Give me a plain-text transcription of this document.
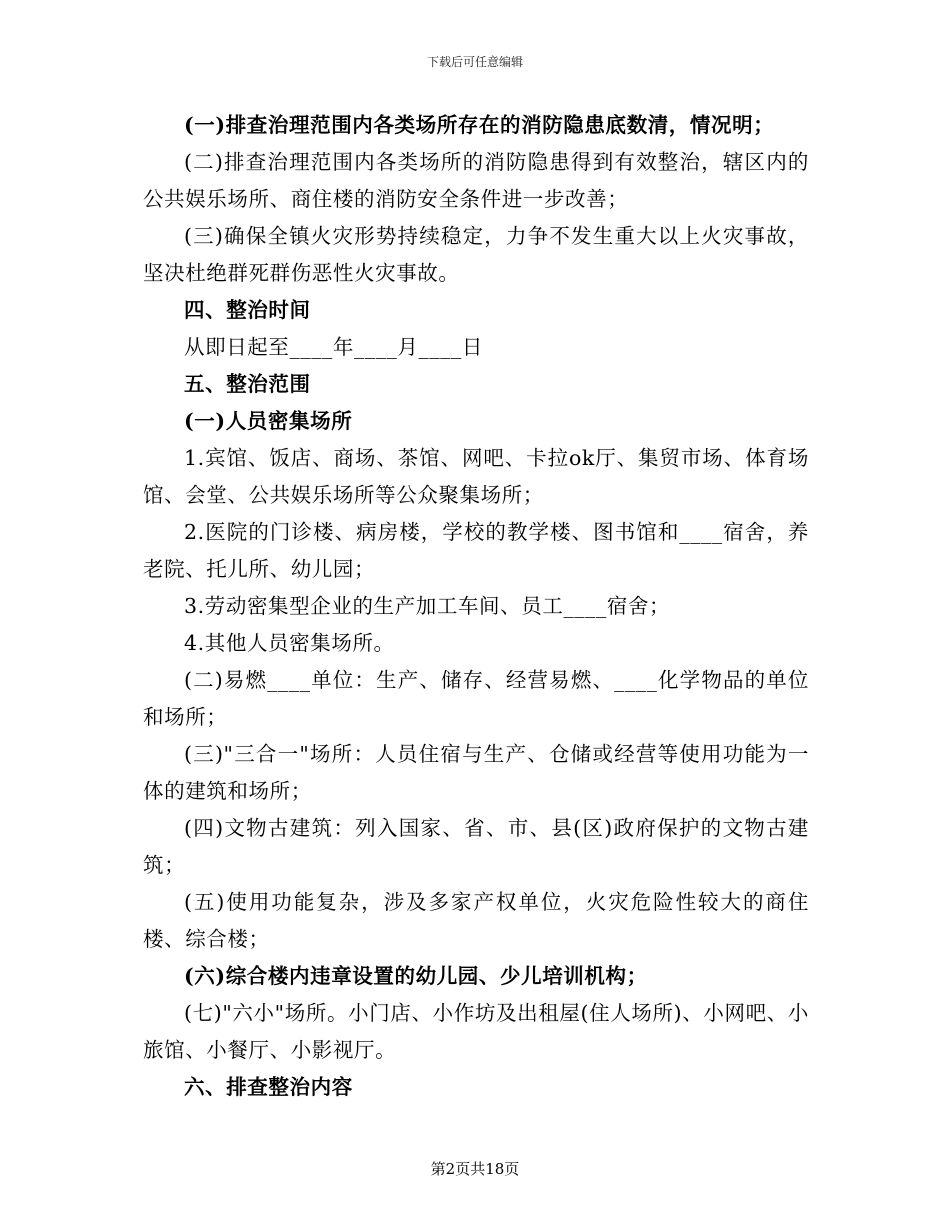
下载后可任意编辑

(一)排查治理范围内各类场所存在的消防隐患底数清，情况明；

(二)排查治理范围内各类场所的消防隐患得到有效整治，辖区内的公共娱乐场所、商住楼的消防安全条件进一步改善；

(三)确保全镇火灾形势持续稳定，力争不发生重大以上火灾事故，坚决杜绝群死群伤恶性火灾事故。

四、整治时间

从即日起至____年____月____日

五、整治范围

(一)人员密集场所

1.宾馆、饭店、商场、茶馆、网吧、卡拉ok厅、集贸市场、体育场馆、会堂、公共娱乐场所等公众聚集场所；

2.医院的门诊楼、病房楼，学校的教学楼、图书馆和____宿舍，养老院、托儿所、幼儿园；

3.劳动密集型企业的生产加工车间、员工____宿舍；

4.其他人员密集场所。

(二)易燃____单位：生产、储存、经营易燃、____化学物品的单位和场所；

(三)"三合一"场所：人员住宿与生产、仓储或经营等使用功能为一体的建筑和场所；

(四)文物古建筑：列入国家、省、市、县(区)政府保护的文物古建筑；

(五)使用功能复杂，涉及多家产权单位，火灾危险性较大的商住楼、综合楼；

(六)综合楼内违章设置的幼儿园、少儿培训机构；

(七)"六小"场所。小门店、小作坊及出租屋(住人场所)、小网吧、小旅馆、小餐厅、小影视厅。

六、排查整治内容

第2页共18页
